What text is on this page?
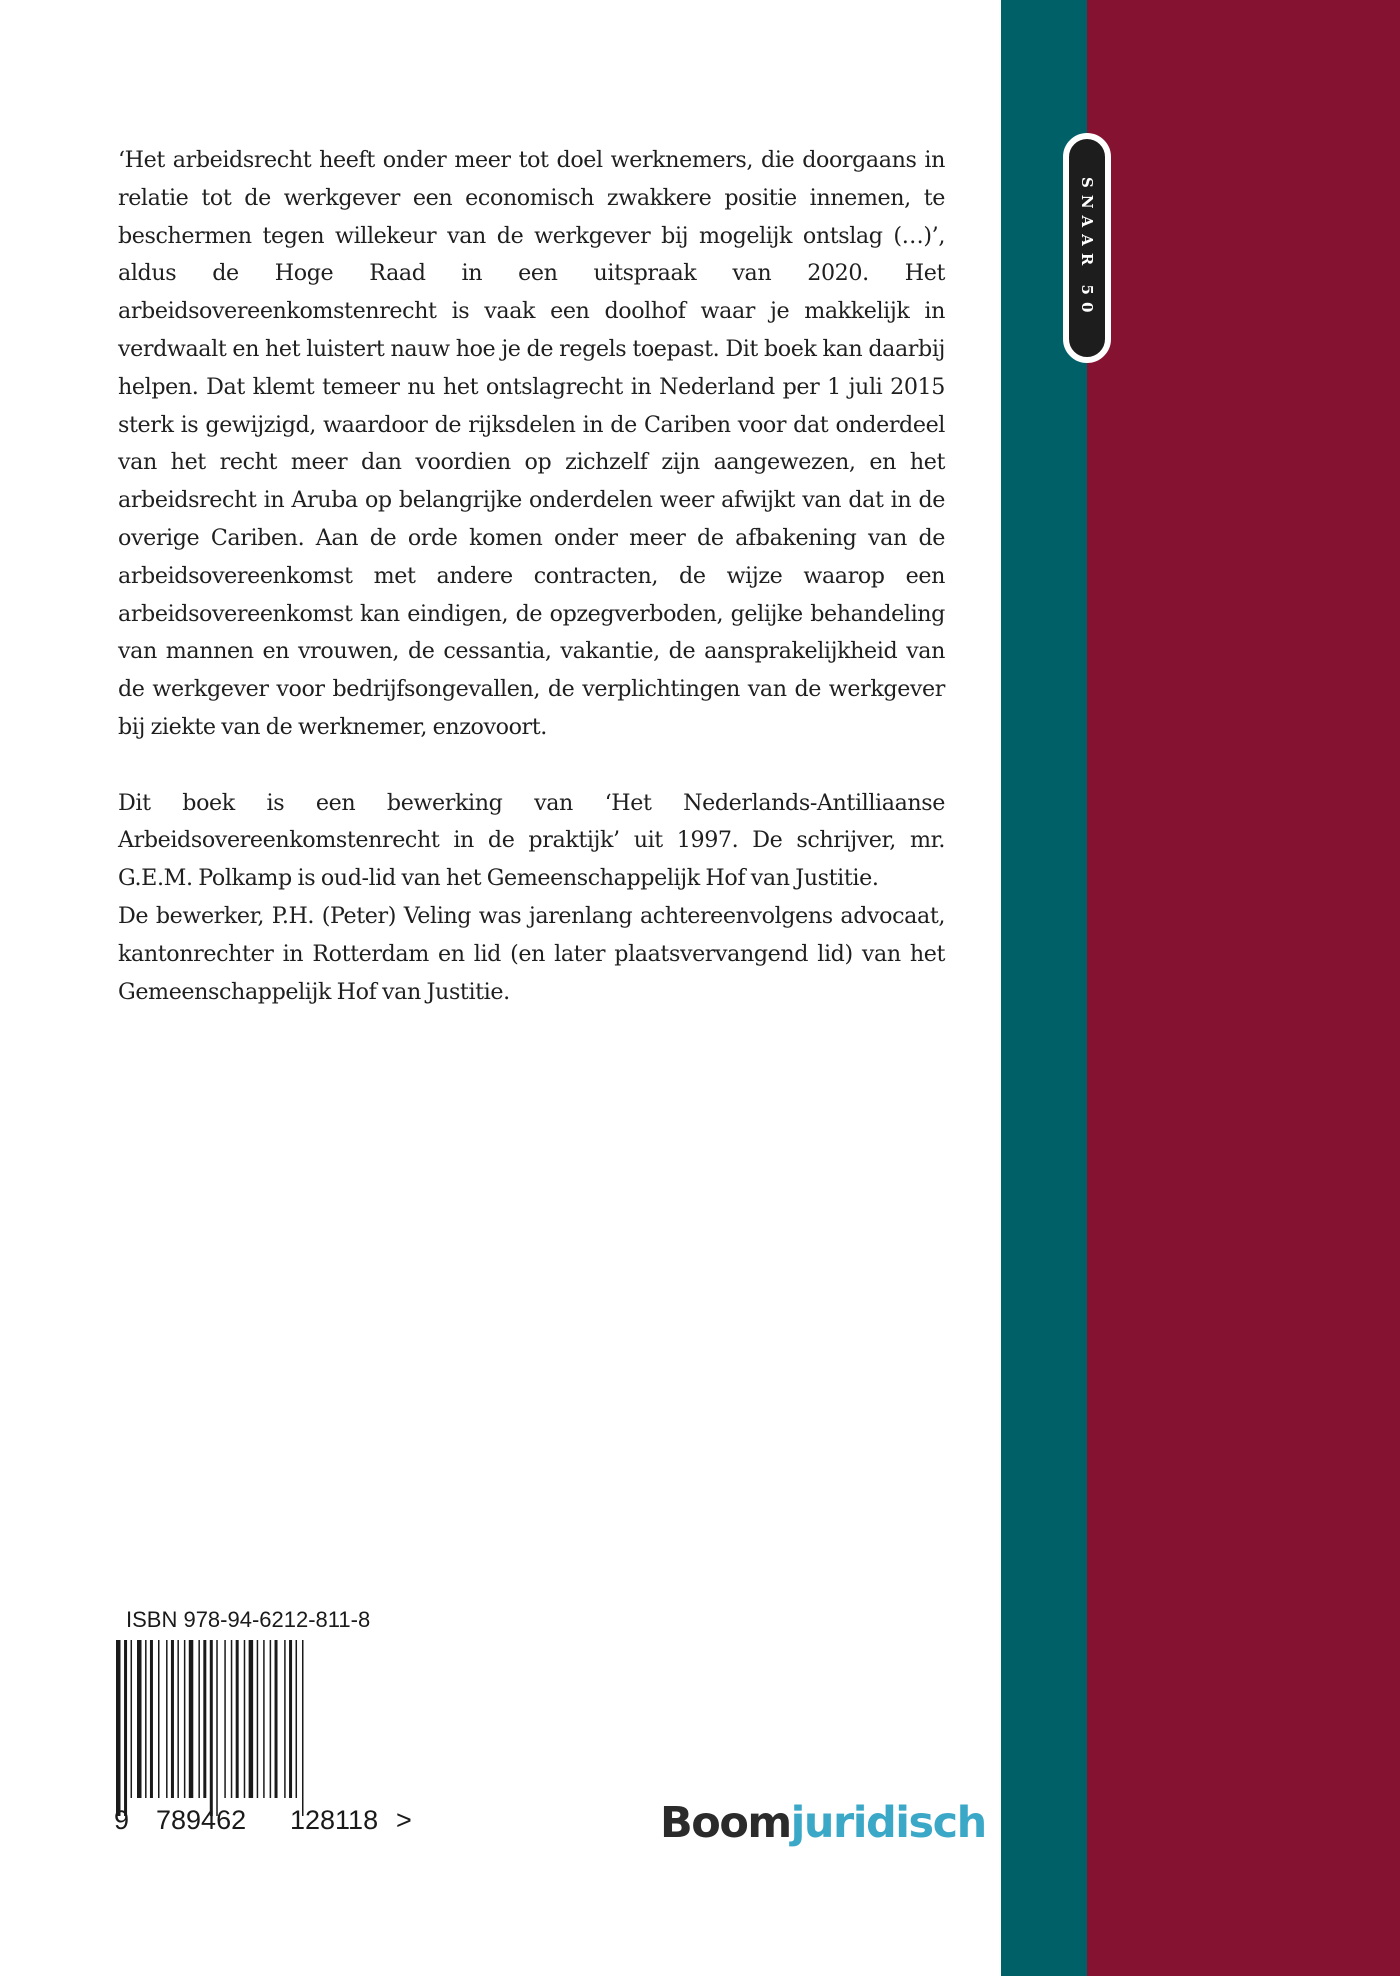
SNAAR 50

‘Het arbeidsrecht heeft onder meer tot doel werknemers, die doorgaans in relatie tot de werkgever een economisch zwakkere positie innemen, te beschermen tegen willekeur van de werkgever bij mogelijk ontslag (…)’, aldus de Hoge Raad in een uitspraak van 2020. Het arbeidsovereenkomstenrecht is vaak een doolhof waar je makkelijk in verdwaalt en het luistert nauw hoe je de regels toepast. Dit boek kan daarbij helpen. Dat klemt temeer nu het ontslagrecht in Nederland per 1 juli 2015 sterk is gewijzigd, waardoor de rijksdelen in de Cariben voor dat onderdeel van het recht meer dan voordien op zichzelf zijn aangewezen, en het arbeidsrecht in Aruba op belangrijke onderdelen weer afwijkt van dat in de overige Cariben. Aan de orde komen onder meer de afbakening van de arbeidsovereenkomst met andere contracten, de wijze waarop een arbeidsovereenkomst kan eindigen, de opzegverboden, gelijke behandeling van mannen en vrouwen, de cessantia, vakantie, de aansprakelijkheid van de werkgever voor bedrijfsongevallen, de verplichtingen van de werkgever bij ziekte van de werknemer, enzovoort.

Dit boek is een bewerking van ‘Het Nederlands-Antilliaanse Arbeidsovereenkomstenrecht in de praktijk’ uit 1997. De schrijver, mr. G.E.M. Polkamp is oud-lid van het Gemeenschappelijk Hof van Justitie.

De bewerker, P.H. (Peter) Veling was jarenlang achtereenvolgens advocaat, kantonrechter in Rotterdam en lid (en later plaatsvervangend lid) van het Gemeenschappelijk Hof van Justitie.

ISBN 978-94-6212-811-8
9 789462 128118 >	Boomjuridisch
